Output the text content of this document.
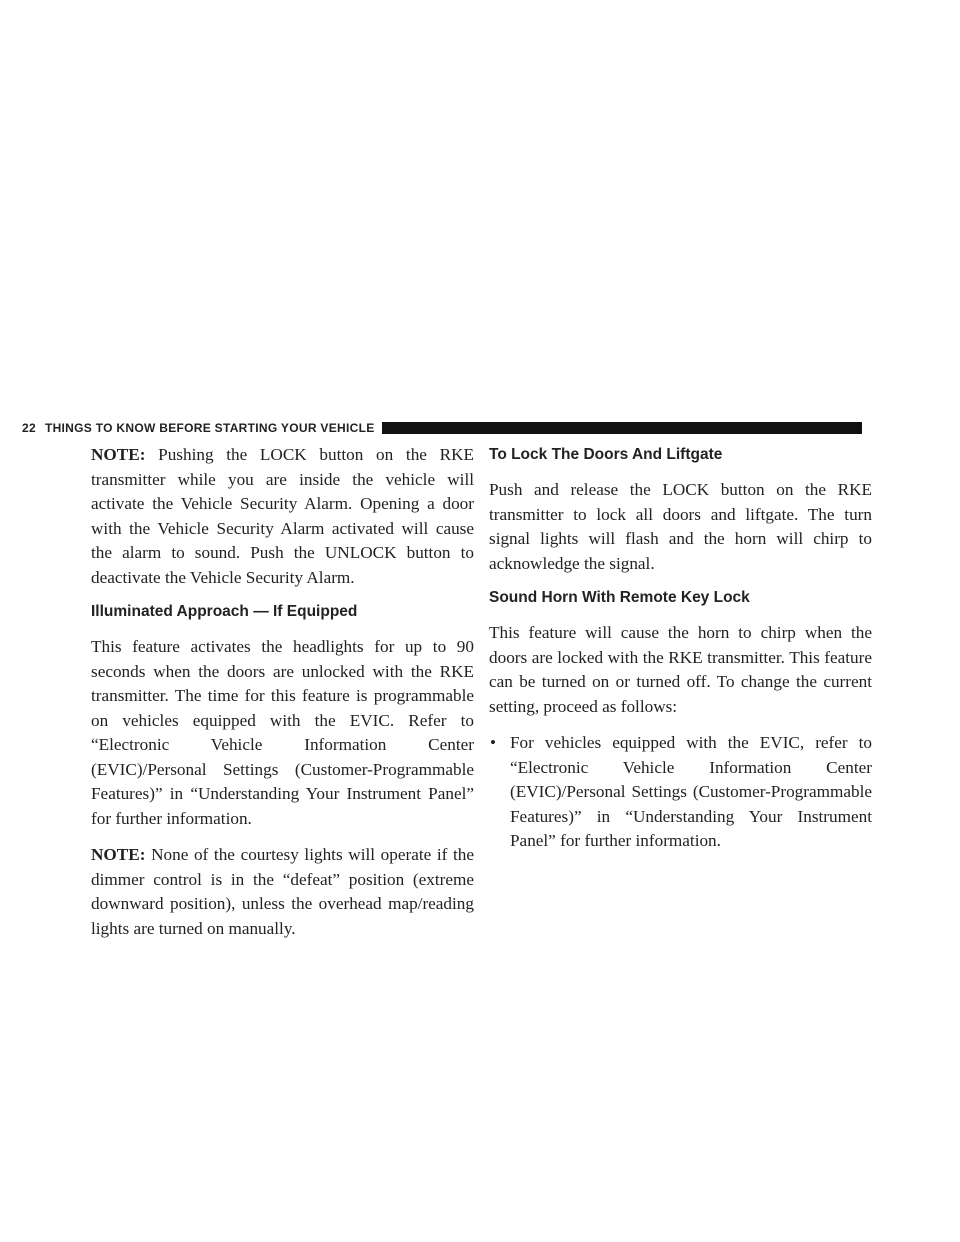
22 THINGS TO KNOW BEFORE STARTING YOUR VEHICLE

NOTE: Pushing the LOCK button on the RKE transmitter while you are inside the vehicle will activate the Vehicle Security Alarm. Opening a door with the Vehicle Security Alarm activated will cause the alarm to sound. Push the UNLOCK button to deactivate the Vehicle Security Alarm.

Illuminated Approach — If Equipped

This feature activates the headlights for up to 90 seconds when the doors are unlocked with the RKE transmitter. The time for this feature is programmable on vehicles equipped with the EVIC. Refer to “Electronic Vehicle Information Center (EVIC)/Personal Settings (Customer-Programmable Features)” in “Understanding Your Instrument Panel” for further information.

NOTE: None of the courtesy lights will operate if the dimmer control is in the “defeat” position (extreme downward position), unless the overhead map/reading lights are turned on manually.

To Lock The Doors And Liftgate

Push and release the LOCK button on the RKE transmitter to lock all doors and liftgate. The turn signal lights will flash and the horn will chirp to acknowledge the signal.

Sound Horn With Remote Key Lock

This feature will cause the horn to chirp when the doors are locked with the RKE transmitter. This feature can be turned on or turned off. To change the current setting, proceed as follows:

• For vehicles equipped with the EVIC, refer to “Electronic Vehicle Information Center (EVIC)/Personal Settings (Customer-Programmable Features)” in “Understanding Your Instrument Panel” for further information.
